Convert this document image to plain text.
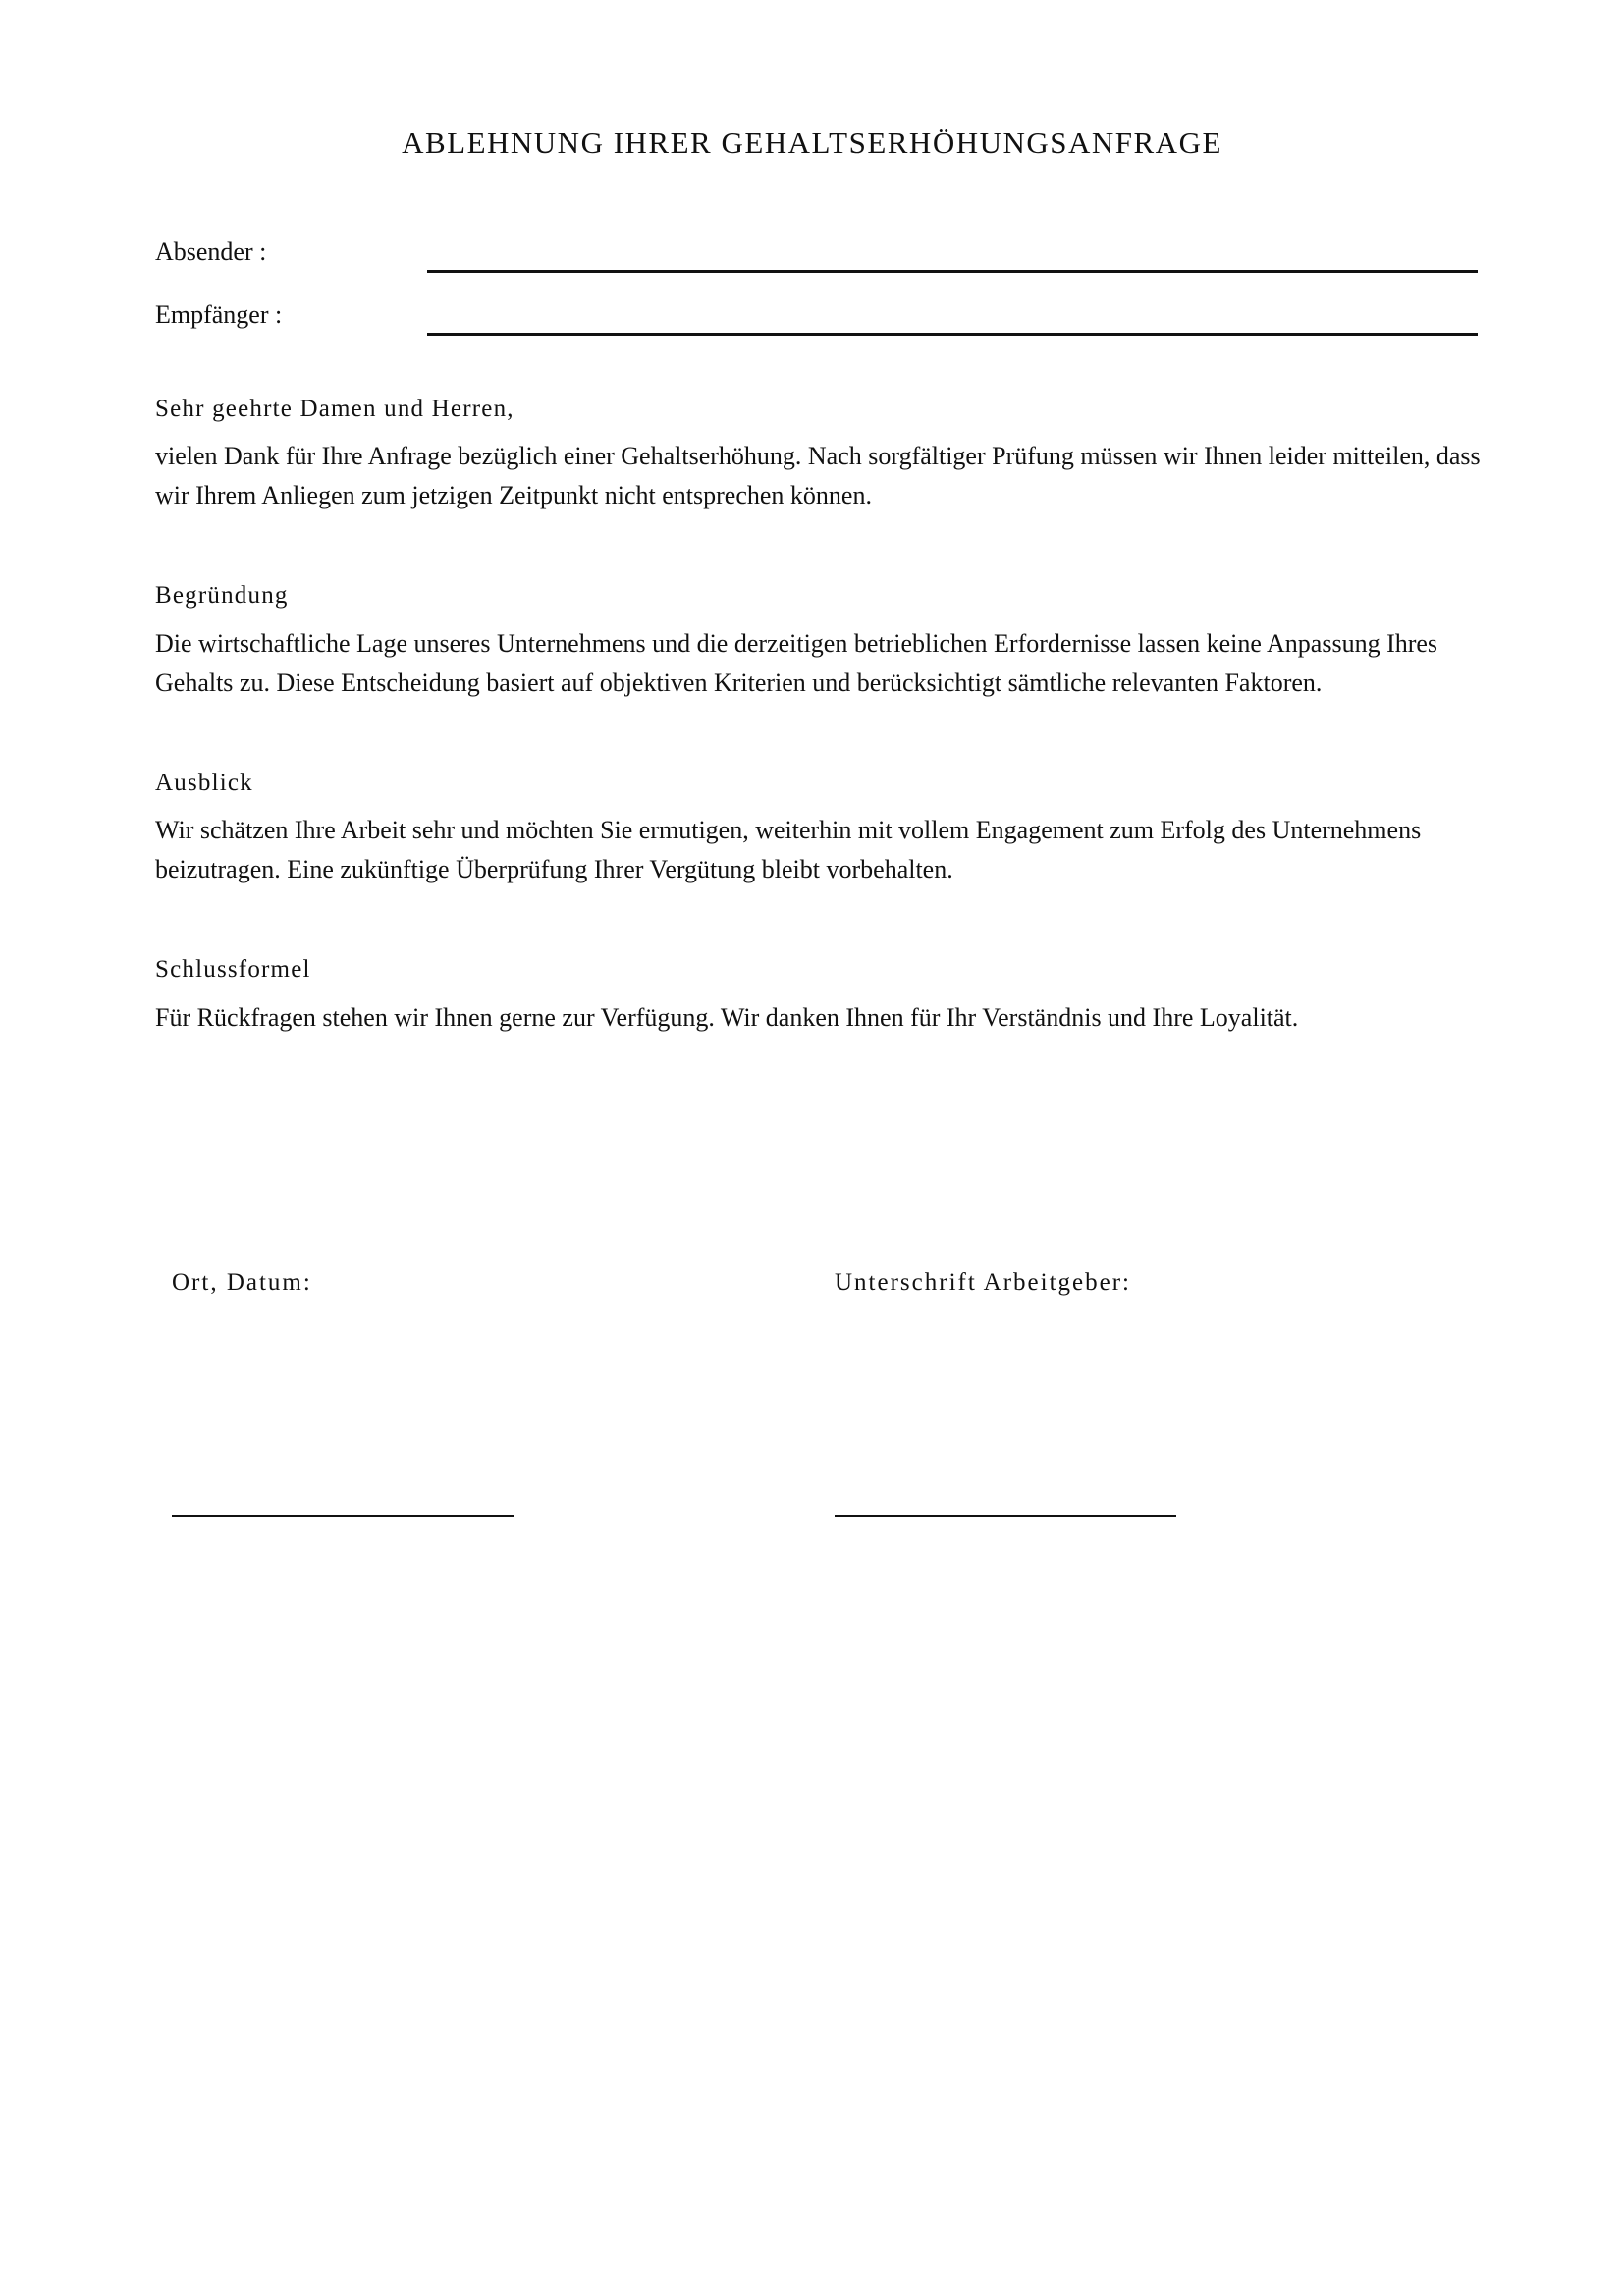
ABLEHNUNG IHRER GEHALTSERHÖHUNGSANFRAGE
Absender :
Empfänger :
Sehr geehrte Damen und Herren,

vielen Dank für Ihre Anfrage bezüglich einer Gehaltserhöhung. Nach sorgfältiger Prüfung müssen wir Ihnen leider mitteilen, dass wir Ihrem Anliegen zum jetzigen Zeitpunkt nicht entsprechen können.

Begründung

Die wirtschaftliche Lage unseres Unternehmens und die derzeitigen betrieblichen Erfordernisse lassen keine Anpassung Ihres Gehalts zu. Diese Entscheidung basiert auf objektiven Kriterien und berücksichtigt sämtliche relevanten Faktoren.

Ausblick

Wir schätzen Ihre Arbeit sehr und möchten Sie ermutigen, weiterhin mit vollem Engagement zum Erfolg des Unternehmens beizutragen. Eine zukünftige Überprüfung Ihrer Vergütung bleibt vorbehalten.

Schlussformel

Für Rückfragen stehen wir Ihnen gerne zur Verfügung. Wir danken Ihnen für Ihr Verständnis und Ihre Loyalität.

Ort, Datum:	Unterschrift Arbeitgeber:
